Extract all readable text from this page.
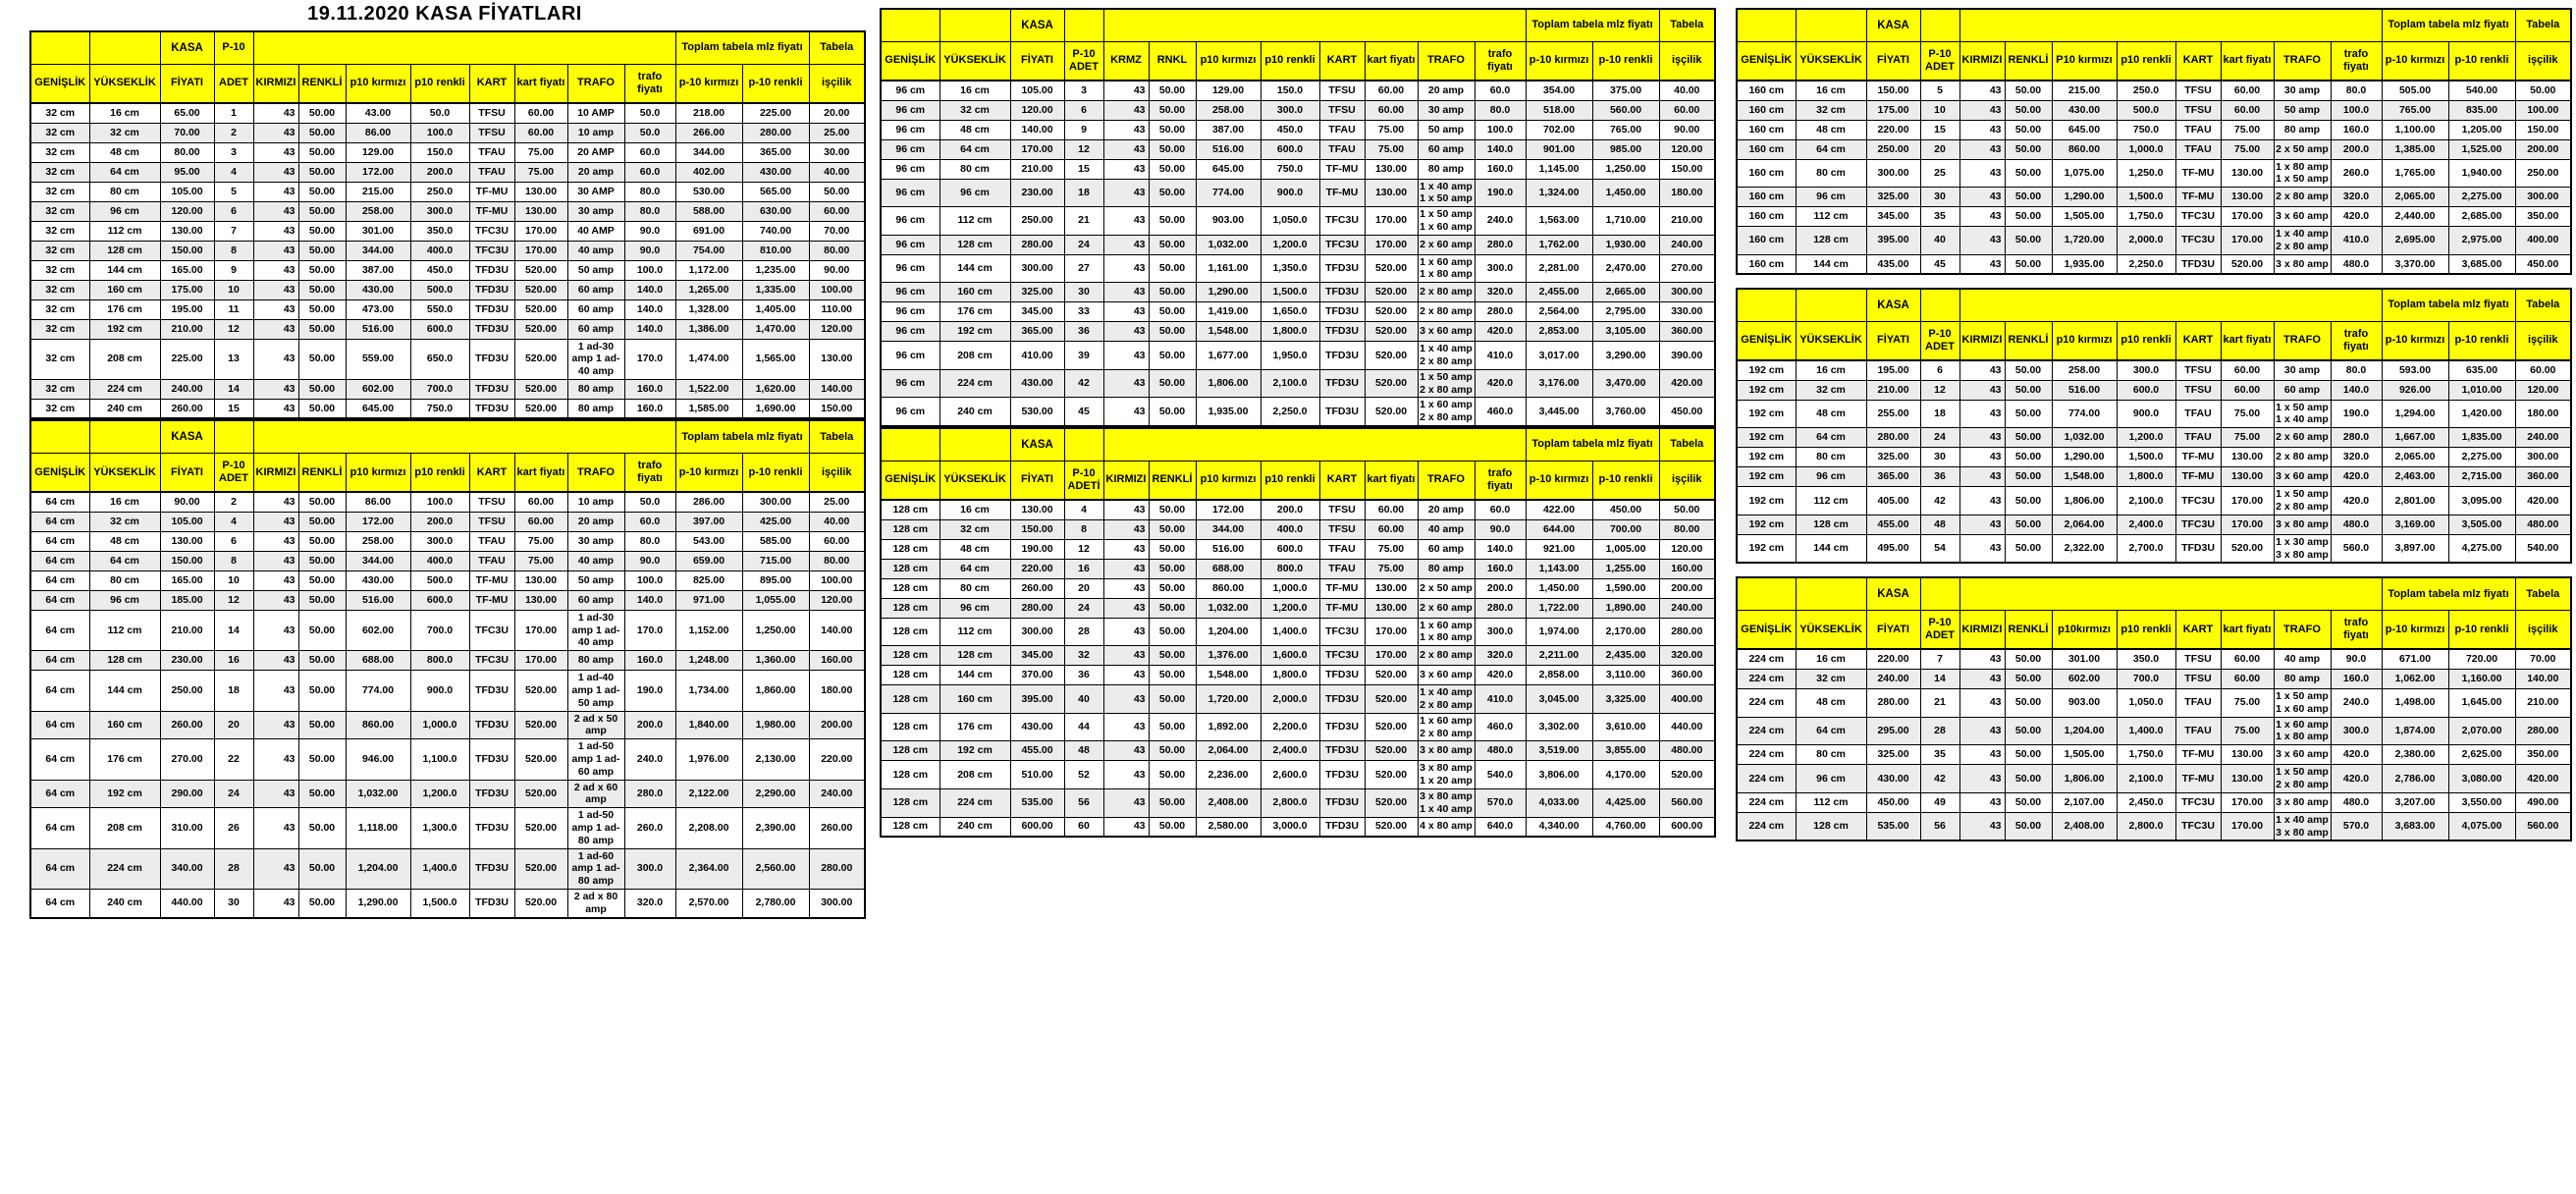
19.11.2020 KASA FİYATLARI
		KASA	P-10									Toplam tabela mlz fiyatı		Tabela
GENİŞLİK	YÜKSEKLİK	FİYATI	ADET	KIRMIZI	RENKLİ	p10 kırmızı	p10 renkli	KART	kart fiyatı	TRAFO	trafo fiyatı	p-10 kırmızı	p-10 renkli	işçilik
32 cm	16 cm	65.00	1	43	50.00	43.00	50.0	TFSU	60.00	10 AMP	50.0	218.00	225.00	20.00
32 cm	32 cm	70.00	2	43	50.00	86.00	100.0	TFSU	60.00	10 amp	50.0	266.00	280.00	25.00
32 cm	48 cm	80.00	3	43	50.00	129.00	150.0	TFAU	75.00	20 AMP	60.0	344.00	365.00	30.00
32 cm	64 cm	95.00	4	43	50.00	172.00	200.0	TFAU	75.00	20 amp	60.0	402.00	430.00	40.00
32 cm	80 cm	105.00	5	43	50.00	215.00	250.0	TF-MU	130.00	30 AMP	80.0	530.00	565.00	50.00
32 cm	96 cm	120.00	6	43	50.00	258.00	300.0	TF-MU	130.00	30 amp	80.0	588.00	630.00	60.00
32 cm	112 cm	130.00	7	43	50.00	301.00	350.0	TFC3U	170.00	40 AMP	90.0	691.00	740.00	70.00
32 cm	128 cm	150.00	8	43	50.00	344.00	400.0	TFC3U	170.00	40 amp	90.0	754.00	810.00	80.00
32 cm	144 cm	165.00	9	43	50.00	387.00	450.0	TFD3U	520.00	50 amp	100.0	1,172.00	1,235.00	90.00
32 cm	160 cm	175.00	10	43	50.00	430.00	500.0	TFD3U	520.00	60 amp	140.0	1,265.00	1,335.00	100.00
32 cm	176 cm	195.00	11	43	50.00	473.00	550.0	TFD3U	520.00	60 amp	140.0	1,328.00	1,405.00	110.00
32 cm	192 cm	210.00	12	43	50.00	516.00	600.0	TFD3U	520.00	60 amp	140.0	1,386.00	1,470.00	120.00
32 cm	208 cm	225.00	13	43	50.00	559.00	650.0	TFD3U	520.00	1 ad-30 amp 1 ad-40 amp	170.0	1,474.00	1,565.00	130.00
32 cm	224 cm	240.00	14	43	50.00	602.00	700.0	TFD3U	520.00	80 amp	160.0	1,522.00	1,620.00	140.00
32 cm	240 cm	260.00	15	43	50.00	645.00	750.0	TFD3U	520.00	80 amp	160.0	1,585.00	1,690.00	150.00
		KASA										Toplam tabela mlz fiyatı		Tabela
GENİŞLİK	YÜKSEKLİK	FİYATI	P-10 ADET	KIRMIZI	RENKLİ	p10 kırmızı	p10 renkli	KART	kart fiyatı	TRAFO	trafo fiyatı	p-10 kırmızı	p-10 renkli	işçilik
64 cm	16 cm	90.00	2	43	50.00	86.00	100.0	TFSU	60.00	10 amp	50.0	286.00	300.00	25.00
64 cm	32 cm	105.00	4	43	50.00	172.00	200.0	TFSU	60.00	20 amp	60.0	397.00	425.00	40.00
64 cm	48 cm	130.00	6	43	50.00	258.00	300.0	TFAU	75.00	30 amp	80.0	543.00	585.00	60.00
64 cm	64 cm	150.00	8	43	50.00	344.00	400.0	TFAU	75.00	40 amp	90.0	659.00	715.00	80.00
64 cm	80 cm	165.00	10	43	50.00	430.00	500.0	TF-MU	130.00	50 amp	100.0	825.00	895.00	100.00
64 cm	96 cm	185.00	12	43	50.00	516.00	600.0	TF-MU	130.00	60 amp	140.0	971.00	1,055.00	120.00
64 cm	112 cm	210.00	14	43	50.00	602.00	700.0	TFC3U	170.00	1 ad-30 amp 1 ad-40 amp	170.0	1,152.00	1,250.00	140.00
64 cm	128 cm	230.00	16	43	50.00	688.00	800.0	TFC3U	170.00	80 amp	160.0	1,248.00	1,360.00	160.00
64 cm	144 cm	250.00	18	43	50.00	774.00	900.0	TFD3U	520.00	1 ad-40 amp 1 ad-50 amp	190.0	1,734.00	1,860.00	180.00
64 cm	160 cm	260.00	20	43	50.00	860.00	1,000.0	TFD3U	520.00	2 ad x 50 amp	200.0	1,840.00	1,980.00	200.00
64 cm	176 cm	270.00	22	43	50.00	946.00	1,100.0	TFD3U	520.00	1 ad-50 amp 1 ad-60 amp	240.0	1,976.00	2,130.00	220.00
64 cm	192 cm	290.00	24	43	50.00	1,032.00	1,200.0	TFD3U	520.00	2 ad x 60 amp	280.0	2,122.00	2,290.00	240.00
64 cm	208 cm	310.00	26	43	50.00	1,118.00	1,300.0	TFD3U	520.00	1 ad-50 amp 1 ad-80 amp	260.0	2,208.00	2,390.00	260.00
64 cm	224 cm	340.00	28	43	50.00	1,204.00	1,400.0	TFD3U	520.00	1 ad-60 amp 1 ad-80 amp	300.0	2,364.00	2,560.00	280.00
64 cm	240 cm	440.00	30	43	50.00	1,290.00	1,500.0	TFD3U	520.00	2 ad x 80 amp	320.0	2,570.00	2,780.00	300.00
		KASA										Toplam tabela mlz fiyatı		Tabela
GENİŞLİK	YÜKSEKLİK	FİYATI	P-10 ADET	KRMZ	RNKL	p10 kırmızı	p10 renkli	KART	kart fiyatı	TRAFO	trafo fiyatı	p-10 kırmızı	p-10 renkli	işçilik
96 cm	16 cm	105.00	3	43	50.00	129.00	150.0	TFSU	60.00	20 amp	60.0	354.00	375.00	40.00
96 cm	32 cm	120.00	6	43	50.00	258.00	300.0	TFSU	60.00	30 amp	80.0	518.00	560.00	60.00
96 cm	48 cm	140.00	9	43	50.00	387.00	450.0	TFAU	75.00	50 amp	100.0	702.00	765.00	90.00
96 cm	64 cm	170.00	12	43	50.00	516.00	600.0	TFAU	75.00	60 amp	140.0	901.00	985.00	120.00
96 cm	80 cm	210.00	15	43	50.00	645.00	750.0	TF-MU	130.00	80 amp	160.0	1,145.00	1,250.00	150.00
96 cm	96 cm	230.00	18	43	50.00	774.00	900.0	TF-MU	130.00	1 x 40 amp 1 x 50 amp	190.0	1,324.00	1,450.00	180.00
96 cm	112 cm	250.00	21	43	50.00	903.00	1,050.0	TFC3U	170.00	1 x 50 amp 1 x 60 amp	240.0	1,563.00	1,710.00	210.00
96 cm	128 cm	280.00	24	43	50.00	1,032.00	1,200.0	TFC3U	170.00	2 x 60 amp	280.0	1,762.00	1,930.00	240.00
96 cm	144 cm	300.00	27	43	50.00	1,161.00	1,350.0	TFD3U	520.00	1 x 60 amp 1 x 80 amp	300.0	2,281.00	2,470.00	270.00
96 cm	160 cm	325.00	30	43	50.00	1,290.00	1,500.0	TFD3U	520.00	2 x 80 amp	320.0	2,455.00	2,665.00	300.00
96 cm	176 cm	345.00	33	43	50.00	1,419.00	1,650.0	TFD3U	520.00	2 x 80 amp	280.0	2,564.00	2,795.00	330.00
96 cm	192 cm	365.00	36	43	50.00	1,548.00	1,800.0	TFD3U	520.00	3 x 60 amp	420.0	2,853.00	3,105.00	360.00
96 cm	208 cm	410.00	39	43	50.00	1,677.00	1,950.0	TFD3U	520.00	1 x 40 amp 2 x 80 amp	410.0	3,017.00	3,290.00	390.00
96 cm	224 cm	430.00	42	43	50.00	1,806.00	2,100.0	TFD3U	520.00	1 x 50 amp 2 x 80 amp	420.0	3,176.00	3,470.00	420.00
96 cm	240 cm	530.00	45	43	50.00	1,935.00	2,250.0	TFD3U	520.00	1 x 60 amp 2 x 80 amp	460.0	3,445.00	3,760.00	450.00
		KASA										Toplam tabela mlz fiyatı		Tabela
GENİŞLİK	YÜKSEKLİK	FİYATI	P-10 ADETİ	KIRMIZI	RENKLİ	p10 kırmızı	p10 renkli	KART	kart fiyatı	TRAFO	trafo fiyatı	p-10 kırmızı	p-10 renkli	işçilik
128 cm	16 cm	130.00	4	43	50.00	172.00	200.0	TFSU	60.00	20 amp	60.0	422.00	450.00	50.00
128 cm	32 cm	150.00	8	43	50.00	344.00	400.0	TFSU	60.00	40 amp	90.0	644.00	700.00	80.00
128 cm	48 cm	190.00	12	43	50.00	516.00	600.0	TFAU	75.00	60 amp	140.0	921.00	1,005.00	120.00
128 cm	64 cm	220.00	16	43	50.00	688.00	800.0	TFAU	75.00	80 amp	160.0	1,143.00	1,255.00	160.00
128 cm	80 cm	260.00	20	43	50.00	860.00	1,000.0	TF-MU	130.00	2 x 50 amp	200.0	1,450.00	1,590.00	200.00
128 cm	96 cm	280.00	24	43	50.00	1,032.00	1,200.0	TF-MU	130.00	2 x 60 amp	280.0	1,722.00	1,890.00	240.00
128 cm	112 cm	300.00	28	43	50.00	1,204.00	1,400.0	TFC3U	170.00	1 x 60 amp 1 x 80 amp	300.0	1,974.00	2,170.00	280.00
128 cm	128 cm	345.00	32	43	50.00	1,376.00	1,600.0	TFC3U	170.00	2 x 80 amp	320.0	2,211.00	2,435.00	320.00
128 cm	144 cm	370.00	36	43	50.00	1,548.00	1,800.0	TFD3U	520.00	3 x 60 amp	420.0	2,858.00	3,110.00	360.00
128 cm	160 cm	395.00	40	43	50.00	1,720.00	2,000.0	TFD3U	520.00	1 x 40 amp 2 x 80 amp	410.0	3,045.00	3,325.00	400.00
128 cm	176 cm	430.00	44	43	50.00	1,892.00	2,200.0	TFD3U	520.00	1 x 60 amp 2 x 80 amp	460.0	3,302.00	3,610.00	440.00
128 cm	192 cm	455.00	48	43	50.00	2,064.00	2,400.0	TFD3U	520.00	3 x 80 amp	480.0	3,519.00	3,855.00	480.00
128 cm	208 cm	510.00	52	43	50.00	2,236.00	2,600.0	TFD3U	520.00	3 x 80 amp 1 x 20 amp	540.0	3,806.00	4,170.00	520.00
128 cm	224 cm	535.00	56	43	50.00	2,408.00	2,800.0	TFD3U	520.00	3 x 80 amp 1 x 40 amp	570.0	4,033.00	4,425.00	560.00
128 cm	240 cm	600.00	60	43	50.00	2,580.00	3,000.0	TFD3U	520.00	4 x 80 amp	640.0	4,340.00	4,760.00	600.00
		KASA										Toplam tabela mlz fiyatı		Tabela
GENİŞLİK	YÜKSEKLİK	FİYATI	P-10 ADET	KIRMIZI	RENKLİ	P10 kırmızı	p10 renkli	KART	kart fiyatı	TRAFO	trafo fiyatı	p-10 kırmızı	p-10 renkli	işçilik
160 cm	16 cm	150.00	5	43	50.00	215.00	250.0	TFSU	60.00	30 amp	80.0	505.00	540.00	50.00
160 cm	32 cm	175.00	10	43	50.00	430.00	500.0	TFSU	60.00	50 amp	100.0	765.00	835.00	100.00
160 cm	48 cm	220.00	15	43	50.00	645.00	750.0	TFAU	75.00	80 amp	160.0	1,100.00	1,205.00	150.00
160 cm	64 cm	250.00	20	43	50.00	860.00	1,000.0	TFAU	75.00	2 x 50 amp	200.0	1,385.00	1,525.00	200.00
160 cm	80 cm	300.00	25	43	50.00	1,075.00	1,250.0	TF-MU	130.00	1 x 80 amp 1 x 50 amp	260.0	1,765.00	1,940.00	250.00
160 cm	96 cm	325.00	30	43	50.00	1,290.00	1,500.0	TF-MU	130.00	2 x 80 amp	320.0	2,065.00	2,275.00	300.00
160 cm	112 cm	345.00	35	43	50.00	1,505.00	1,750.0	TFC3U	170.00	3 x 60 amp	420.0	2,440.00	2,685.00	350.00
160 cm	128 cm	395.00	40	43	50.00	1,720.00	2,000.0	TFC3U	170.00	1 x 40 amp 2 x 80 amp	410.0	2,695.00	2,975.00	400.00
160 cm	144 cm	435.00	45	43	50.00	1,935.00	2,250.0	TFD3U	520.00	3 x 80 amp	480.0	3,370.00	3,685.00	450.00
		KASA										Toplam tabela mlz fiyatı		Tabela
GENİŞLİK	YÜKSEKLİK	FİYATI	P-10 ADET	KIRMIZI	RENKLİ	p10 kırmızı	p10 renkli	KART	kart fiyatı	TRAFO	trafo fiyatı	p-10 kırmızı	p-10 renkli	işçilik
192 cm	16 cm	195.00	6	43	50.00	258.00	300.0	TFSU	60.00	30 amp	80.0	593.00	635.00	60.00
192 cm	32 cm	210.00	12	43	50.00	516.00	600.0	TFSU	60.00	60 amp	140.0	926.00	1,010.00	120.00
192 cm	48 cm	255.00	18	43	50.00	774.00	900.0	TFAU	75.00	1 x 50 amp 1 x 40 amp	190.0	1,294.00	1,420.00	180.00
192 cm	64 cm	280.00	24	43	50.00	1,032.00	1,200.0	TFAU	75.00	2 x 60 amp	280.0	1,667.00	1,835.00	240.00
192 cm	80 cm	325.00	30	43	50.00	1,290.00	1,500.0	TF-MU	130.00	2 x 80 amp	320.0	2,065.00	2,275.00	300.00
192 cm	96 cm	365.00	36	43	50.00	1,548.00	1,800.0	TF-MU	130.00	3 x 60 amp	420.0	2,463.00	2,715.00	360.00
192 cm	112 cm	405.00	42	43	50.00	1,806.00	2,100.0	TFC3U	170.00	1 x 50 amp 2 x 80 amp	420.0	2,801.00	3,095.00	420.00
192 cm	128 cm	455.00	48	43	50.00	2,064.00	2,400.0	TFC3U	170.00	3 x 80 amp	480.0	3,169.00	3,505.00	480.00
192 cm	144 cm	495.00	54	43	50.00	2,322.00	2,700.0	TFD3U	520.00	1 x 30 amp 3 x 80 amp	560.0	3,897.00	4,275.00	540.00
		KASA										Toplam tabela mlz fiyatı		Tabela
GENİŞLİK	YÜKSEKLİK	FİYATI	P-10 ADET	KIRMIZI	RENKLİ	p10kırmızı	p10 renkli	KART	kart fiyatı	TRAFO	trafo fiyatı	p-10 kırmızı	p-10 renkli	işçilik
224 cm	16 cm	220.00	7	43	50.00	301.00	350.0	TFSU	60.00	40 amp	90.0	671.00	720.00	70.00
224 cm	32 cm	240.00	14	43	50.00	602.00	700.0	TFSU	60.00	80 amp	160.0	1,062.00	1,160.00	140.00
224 cm	48 cm	280.00	21	43	50.00	903.00	1,050.0	TFAU	75.00	1 x 50 amp 1 x 60 amp	240.0	1,498.00	1,645.00	210.00
224 cm	64 cm	295.00	28	43	50.00	1,204.00	1,400.0	TFAU	75.00	1 x 60 amp 1 x 80 amp	300.0	1,874.00	2,070.00	280.00
224 cm	80 cm	325.00	35	43	50.00	1,505.00	1,750.0	TF-MU	130.00	3 x 60 amp	420.0	2,380.00	2,625.00	350.00
224 cm	96 cm	430.00	42	43	50.00	1,806.00	2,100.0	TF-MU	130.00	1 x 50 amp 2 x 80 amp	420.0	2,786.00	3,080.00	420.00
224 cm	112 cm	450.00	49	43	50.00	2,107.00	2,450.0	TFC3U	170.00	3 x 80 amp	480.0	3,207.00	3,550.00	490.00
224 cm	128 cm	535.00	56	43	50.00	2,408.00	2,800.0	TFC3U	170.00	1 x 40 amp 3 x 80 amp	570.0	3,683.00	4,075.00	560.00
